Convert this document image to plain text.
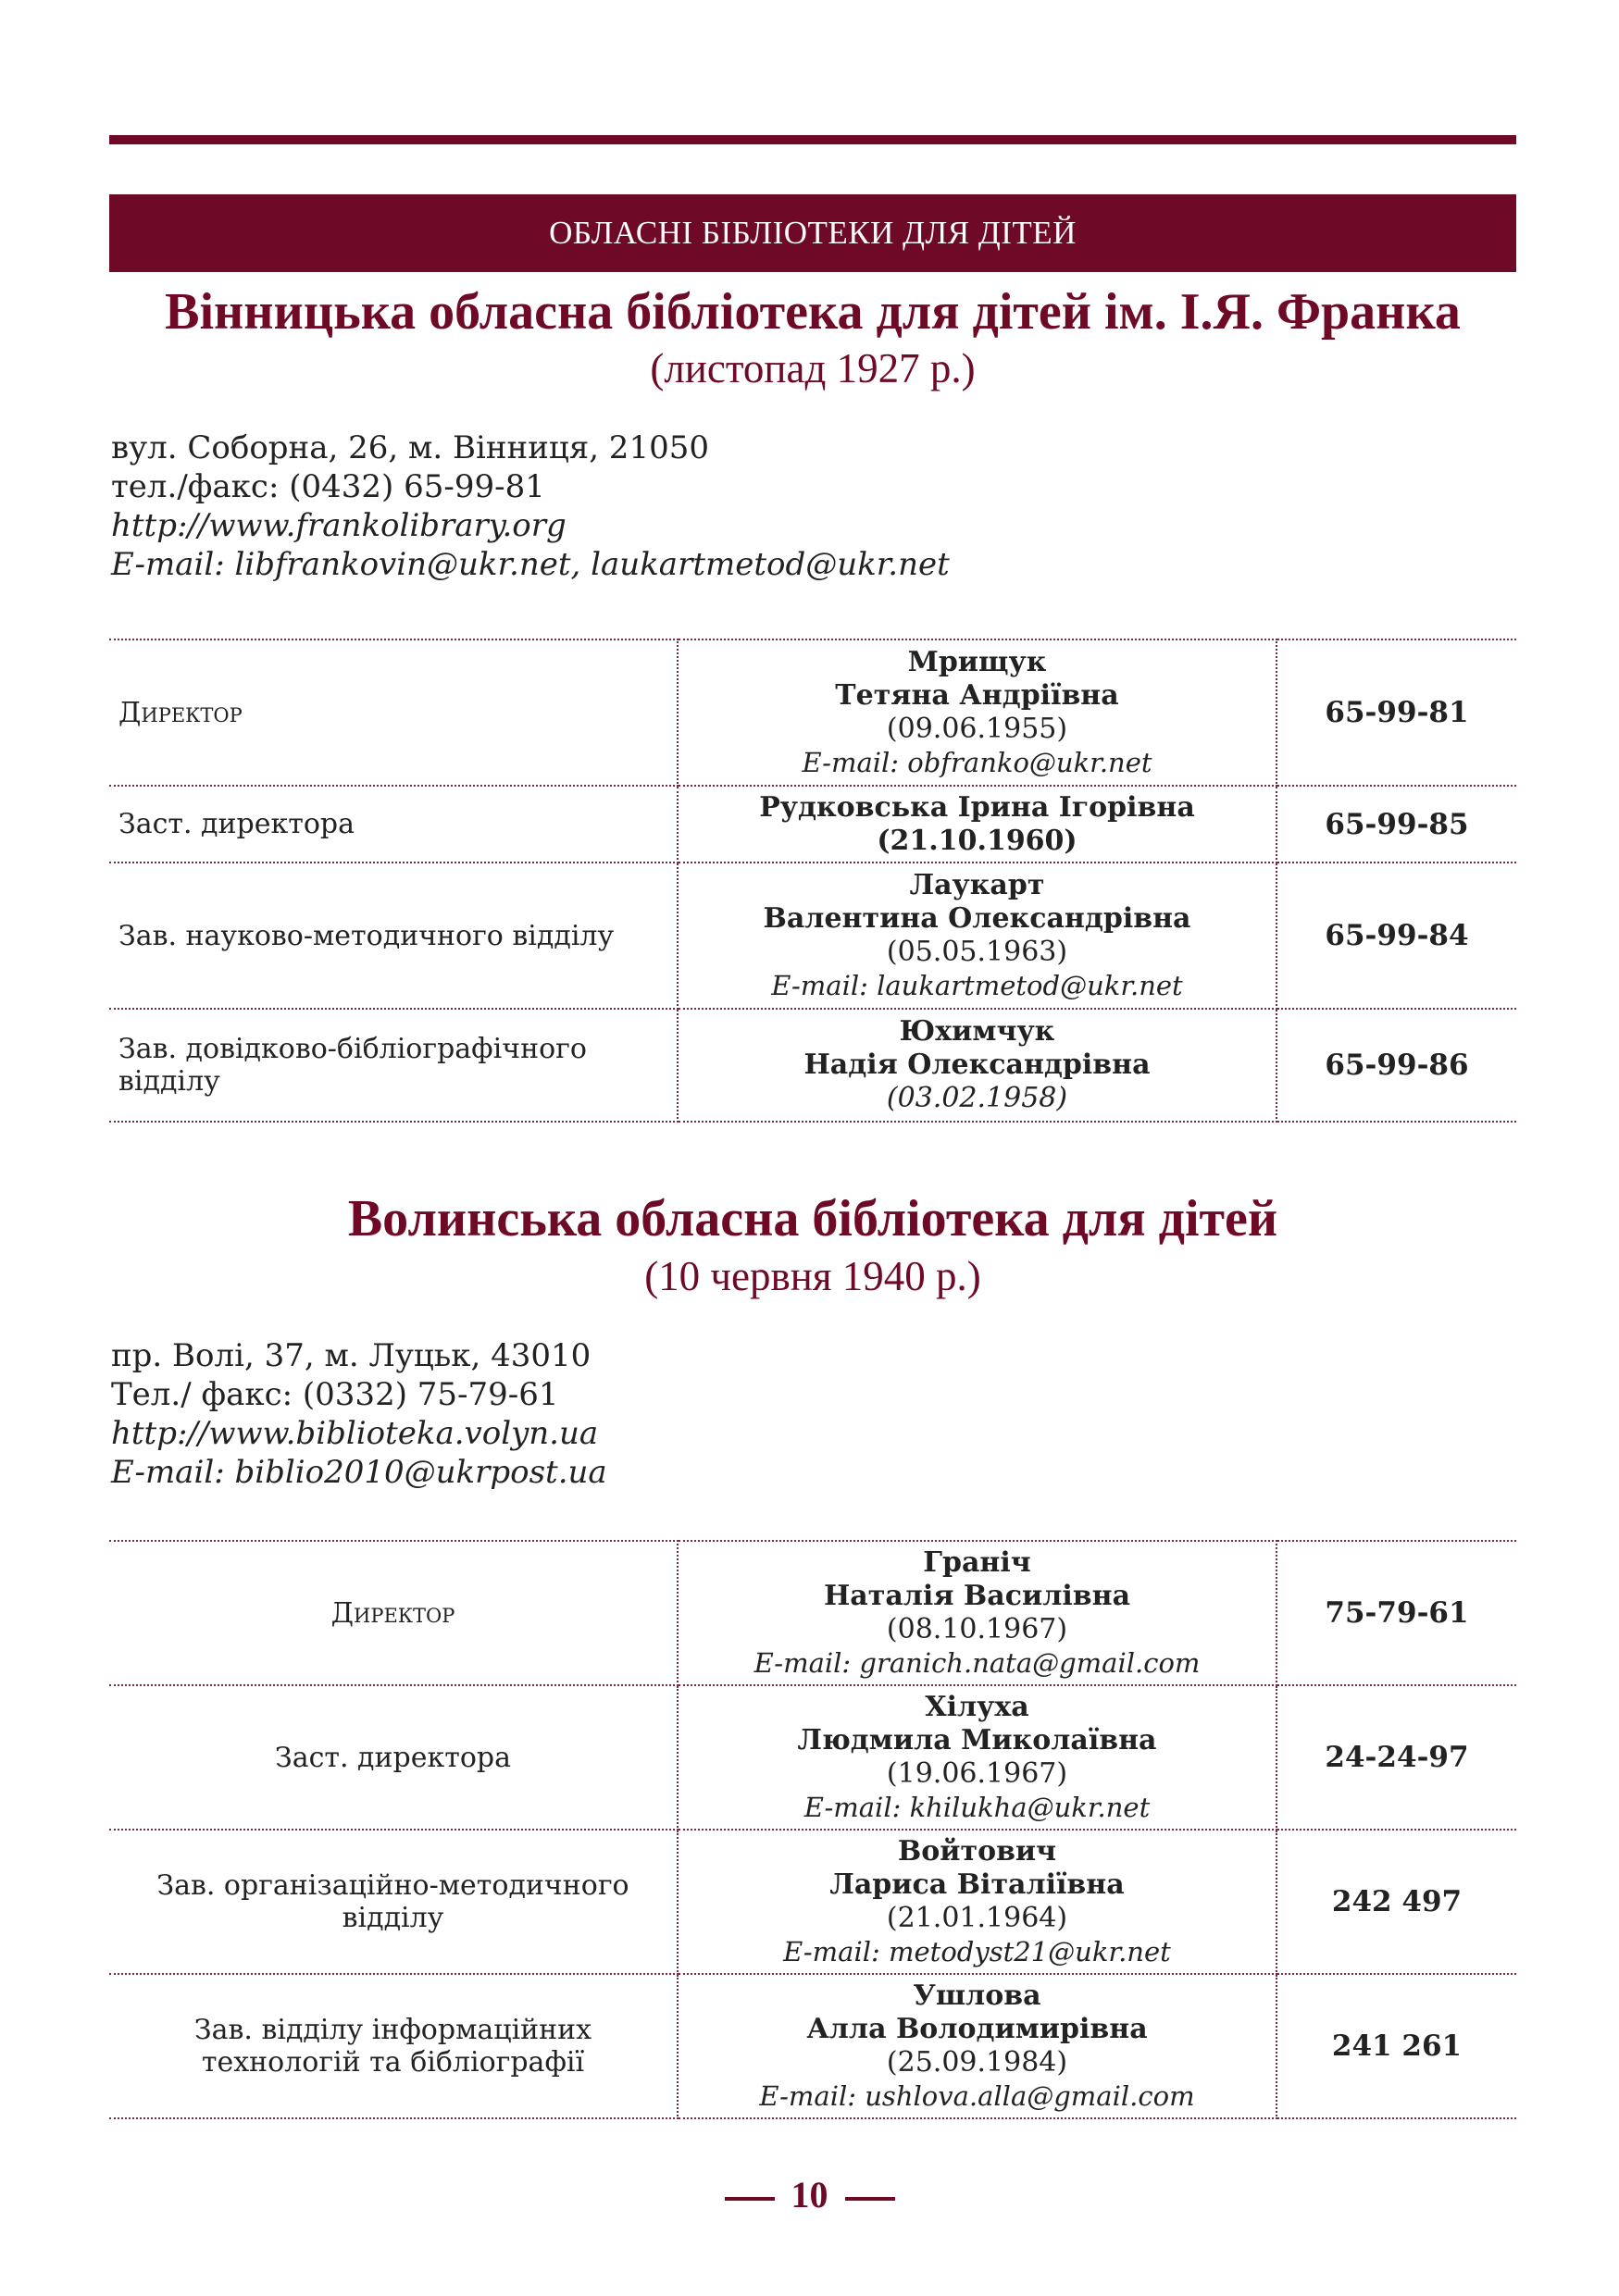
ОБЛАСНІ БІБЛІОТЕКИ ДЛЯ ДІТЕЙ
Вінницька обласна бібліотека для дітей ім. І.Я. Франка
(листопад 1927 р.)
вул. Соборна, 26, м. Вінниця, 21050
тел./факс: (0432) 65-99-81
http://www.frankolibrary.org
E-mail: libfrankovin@ukr.net, laukartmetod@ukr.net
Директор	Мрищук
Тетяна Андріївна
(09.06.1955)
E-mail: obfranko@ukr.net	65-99-81
Заст. директора	Рудковська Ірина Ігорівна
(21.10.1960)	65-99-85
Зав. науково-методичного відділу	Лаукарт
Валентина Олександрівна
(05.05.1963)
E-mail: laukartmetod@ukr.net	65-99-84
Зав. довідково-бібліографічного відділу	Юхимчук
Надія Олександрівна
(03.02.1958)	65-99-86
Волинська обласна бібліотека для дітей
(10 червня 1940 р.)
пр. Волі, 37, м. Луцьк, 43010
Тел./ факс: (0332) 75-79-61
http://www.biblioteka.volyn.ua
E-mail: biblio2010@ukrpost.ua
Директор	Граніч
Наталія Василівна
(08.10.1967)
E-mail: granich.nata@gmail.com	75-79-61
Заст. директора	Хілуха
Людмила Миколаївна
(19.06.1967)
E-mail: khilukha@ukr.net	24-24-97
Зав. організаційно-методичного відділу	Войтович
Лариса Віталіївна
(21.01.1964)
E-mail: metodyst21@ukr.net	242 497
Зав. відділу інформаційних технологій та бібліографії	Ушлова
Алла Володимирівна
(25.09.1984)
E-mail: ushlova.alla@gmail.com	241 261
10
